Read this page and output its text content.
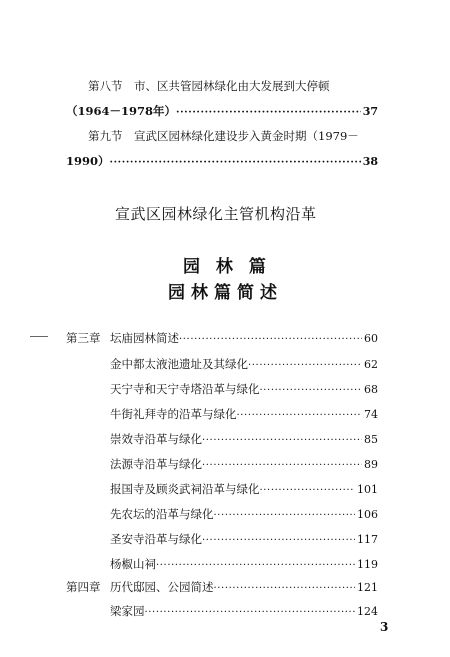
第八节　市、区共管园林绿化由大发展到大停顿
（1964－1978年） ·····	37
第九节　宣武区园林绿化建设步入黄金时期（1979－
1990） ·····	38
宣武区园林绿化主管机构沿革
园 林 篇
园林篇简述
第三章 坛庙园林简述 ·····	60
金中都太液池遗址及其绿化 ·····	62
天宁寺和天宁寺塔沿革与绿化 ·····	68
牛街礼拜寺的沿革与绿化 ·····	74
崇效寺沿革与绿化 ·····	85
法源寺沿革与绿化 ·····	89
报国寺及顾炎武祠沿革与绿化 ·····	101
先农坛的沿革与绿化 ·····	106
圣安寺沿革与绿化 ·····	117
杨椒山祠 ·····	119
第四章 历代邸园、公园简述 ·····	121
梁家园 ·····	124
3
